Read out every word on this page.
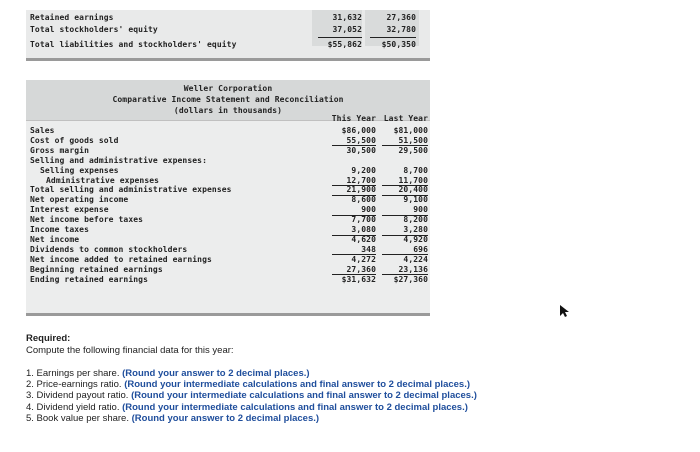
Retained earnings	31,632	27,360
Total stockholders' equity	37,052	32,780
Total liabilities and stockholders' equity	$55,862	$50,350
Weller Corporation
Comparative Income Statement and Reconciliation
(dollars in thousands)
This Year Last Year
Sales	$86,000	$81,000
Cost of goods sold	55,500	51,500
Gross margin	30,500	29,500
Selling and administrative expenses:
Selling expenses	9,200	8,700
Administrative expenses	12,700	11,700
Total selling and administrative expenses	21,900	20,400
Net operating income	8,600	9,100
Interest expense	900	900
Net income before taxes	7,700	8,200
Income taxes	3,080	3,280
Net income	4,620	4,920
Dividends to common stockholders	348	696
Net income added to retained earnings	4,272	4,224
Beginning retained earnings	27,360	23,136
Ending retained earnings	$31,632	$27,360
Required:
Compute the following financial data for this year:
1. Earnings per share. (Round your answer to 2 decimal places.)
2. Price-earnings ratio. (Round your intermediate calculations and final answer to 2 decimal places.)
3. Dividend payout ratio. (Round your intermediate calculations and final answer to 2 decimal places.)
4. Dividend yield ratio. (Round your intermediate calculations and final answer to 2 decimal places.)
5. Book value per share. (Round your answer to 2 decimal places.)
